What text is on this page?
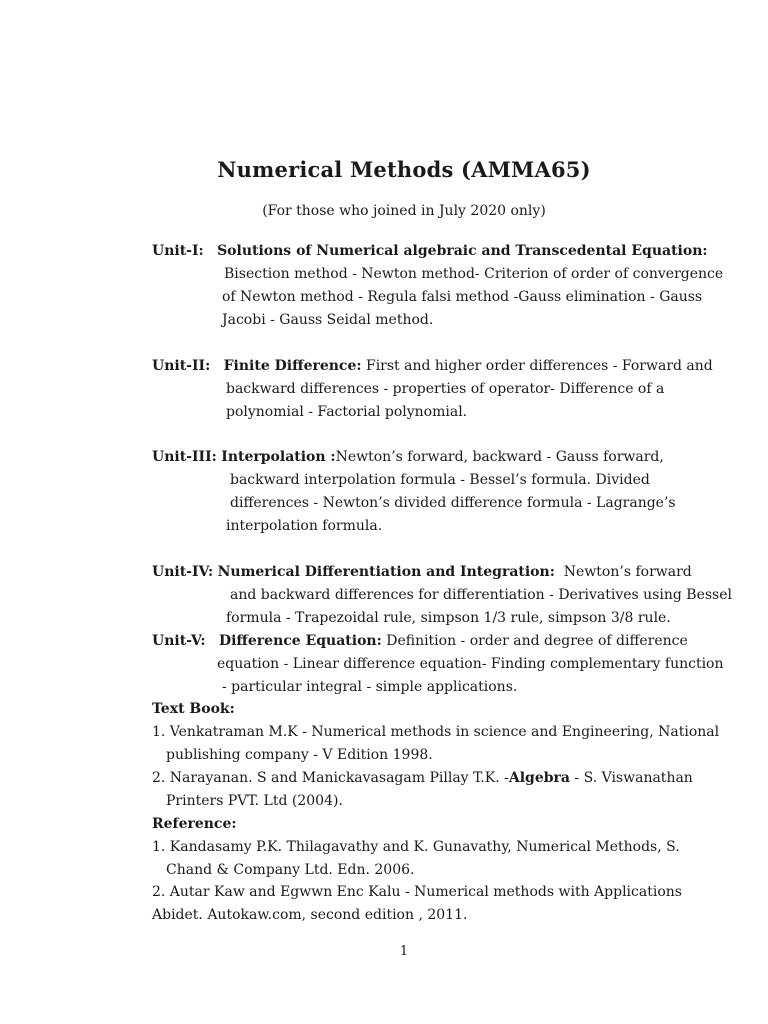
Numerical Methods (AMMA65)
(For those who joined in July 2020 only)
Unit-I: Solutions of Numerical algebraic and Transcedental Equation:
Bisection method - Newton method- Criterion of order of convergence
of Newton method - Regula falsi method -Gauss elimination - Gauss
Jacobi - Gauss Seidal method.
Unit-II: Finite Difference: First and higher order differences - Forward and
backward differences - properties of operator- Difference of a
polynomial - Factorial polynomial.
Unit-III: Interpolation :Newton’s forward, backward - Gauss forward,
backward interpolation formula - Bessel’s formula. Divided
differences - Newton’s divided difference formula - Lagrange’s
interpolation formula.
Unit-IV: Numerical Differentiation and Integration: Newton’s forward
and backward differences for differentiation - Derivatives using Bessel
formula - Trapezoidal rule, simpson 1/3 rule, simpson 3/8 rule.
Unit-V: Difference Equation: Definition - order and degree of difference
equation - Linear difference equation- Finding complementary function
- particular integral - simple applications.
Text Book:
1. Venkatraman M.K - Numerical methods in science and Engineering, National
publishing company - V Edition 1998.
2. Narayanan. S and Manickavasagam Pillay T.K. -Algebra - S. Viswanathan
Printers PVT. Ltd (2004).
Reference:
1. Kandasamy P.K. Thilagavathy and K. Gunavathy, Numerical Methods, S.
Chand & Company Ltd. Edn. 2006.
2. Autar Kaw and Egwwn Enc Kalu - Numerical methods with Applications
Abidet. Autokaw.com, second edition , 2011.
1
